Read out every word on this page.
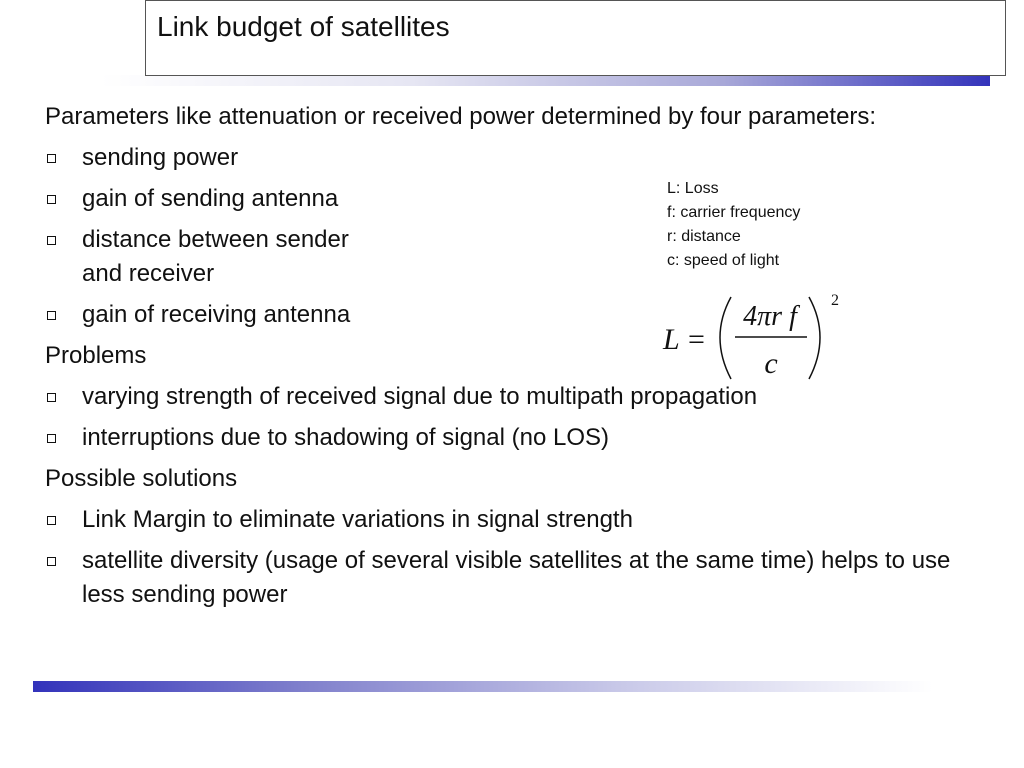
Link budget of satellites
Parameters like attenuation or received power determined by four parameters:
sending power
gain of sending antenna
distance between sender
and receiver
gain of receiving antenna
Problems
varying strength of received signal due to multipath propagation
interruptions due to shadowing of signal (no LOS)
Possible solutions
Link Margin to eliminate variations in signal strength
satellite diversity (usage of several visible satellites at the same time) helps to use less sending power
L: Loss
f: carrier frequency
r: distance
c: speed of light
L =
4πr f
c
2
